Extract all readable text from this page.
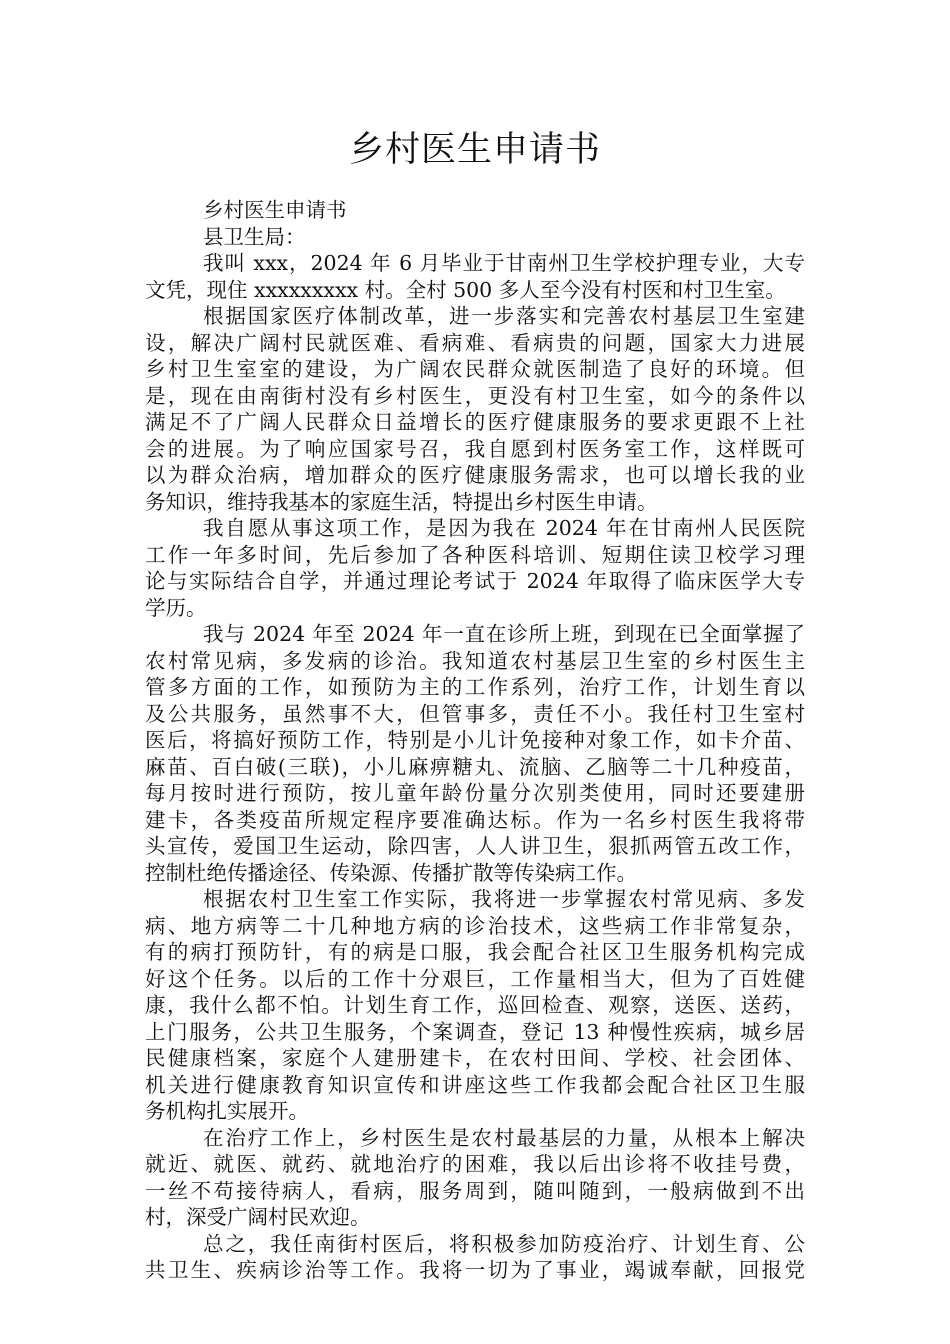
乡村医生申请书
乡村医生申请书
县卫生局：
我叫 xxx，2024 年 6 月毕业于甘南州卫生学校护理专业，大专
文凭，现住 xxxxxxxxx 村。全村 500 多人至今没有村医和村卫生室。
根据国家医疗体制改革，进一步落实和完善农村基层卫生室建
设，解决广阔村民就医难、看病难、看病贵的问题，国家大力进展
乡村卫生室室的建设，为广阔农民群众就医制造了良好的环境。但
是，现在由南街村没有乡村医生，更没有村卫生室，如今的条件以
满足不了广阔人民群众日益增长的医疗健康服务的要求更跟不上社
会的进展。为了响应国家号召，我自愿到村医务室工作，这样既可
以为群众治病，增加群众的医疗健康服务需求，也可以增长我的业
务知识，维持我基本的家庭生活，特提出乡村医生申请。
我自愿从事这项工作，是因为我在 2024 年在甘南州人民医院
工作一年多时间，先后参加了各种医科培训、短期住读卫校学习理
论与实际结合自学，并通过理论考试于 2024 年取得了临床医学大专
学历。
我与 2024 年至 2024 年一直在诊所上班，到现在已全面掌握了
农村常见病，多发病的诊治。我知道农村基层卫生室的乡村医生主
管多方面的工作，如预防为主的工作系列，治疗工作，计划生育以
及公共服务，虽然事不大，但管事多，责任不小。我任村卫生室村
医后，将搞好预防工作，特别是小儿计免接种对象工作，如卡介苗、
麻苗、百白破(三联)，小儿麻痹糖丸、流脑、乙脑等二十几种疫苗，
每月按时进行预防，按儿童年龄份量分次别类使用，同时还要建册
建卡，各类疫苗所规定程序要准确达标。作为一名乡村医生我将带
头宣传，爱国卫生运动，除四害，人人讲卫生，狠抓两管五改工作，
控制杜绝传播途径、传染源、传播扩散等传染病工作。
根据农村卫生室工作实际，我将进一步掌握农村常见病、多发
病、地方病等二十几种地方病的诊治技术，这些病工作非常复杂，
有的病打预防针，有的病是口服，我会配合社区卫生服务机构完成
好这个任务。以后的工作十分艰巨，工作量相当大，但为了百姓健
康，我什么都不怕。计划生育工作，巡回检查、观察，送医、送药，
上门服务，公共卫生服务，个案调查，登记 13 种慢性疾病，城乡居
民健康档案，家庭个人建册建卡，在农村田间、学校、社会团体、
机关进行健康教育知识宣传和讲座这些工作我都会配合社区卫生服
务机构扎实展开。
在治疗工作上，乡村医生是农村最基层的力量，从根本上解决
就近、就医、就药、就地治疗的困难，我以后出诊将不收挂号费，
一丝不苟接待病人，看病，服务周到，随叫随到，一般病做到不出
村，深受广阔村民欢迎。
总之，我任南街村医后，将积极参加防疫治疗、计划生育、公
共卫生、疾病诊治等工作。我将一切为了事业，竭诚奉献，回报党
